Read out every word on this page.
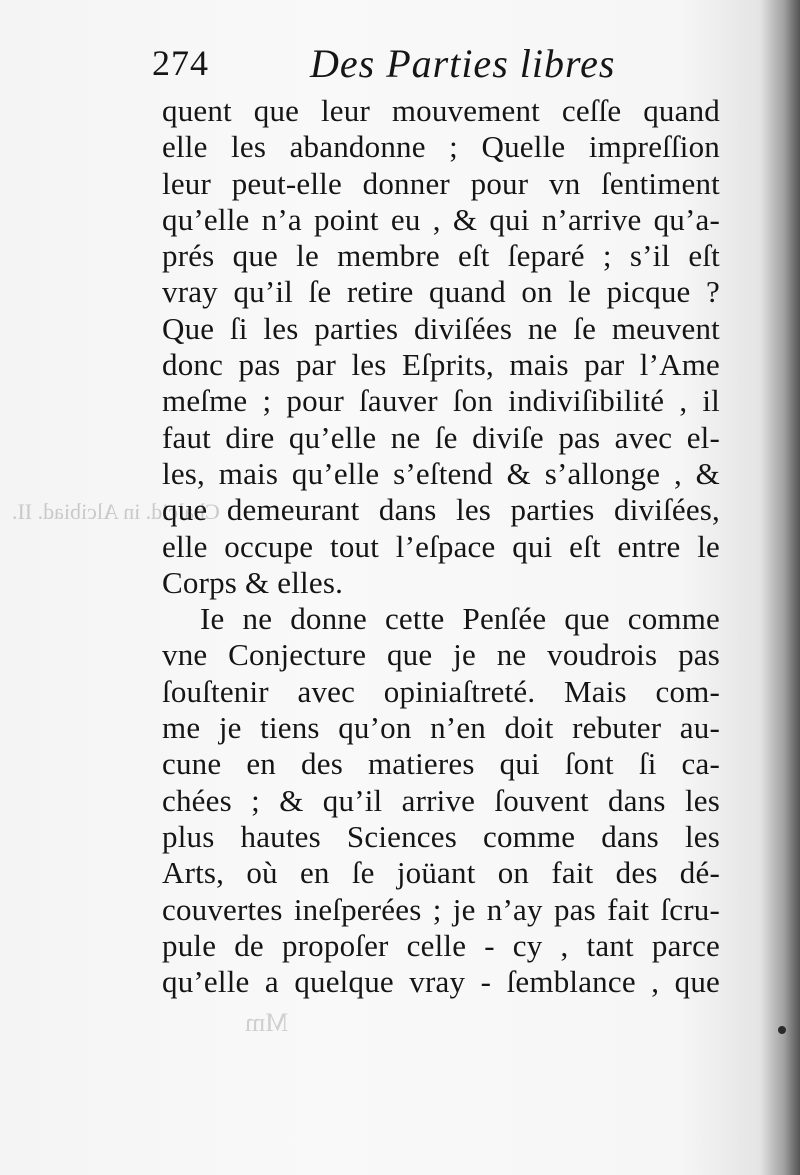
Chalcid. in Alcibiad. II.
Mm
274	Des Parties libres
quent que leur mouvement ceſſe quand
elle les abandonne ; Quelle impreſſion
leur peut-elle donner pour vn ſentiment
qu’elle n’a point eu , & qui n’arrive qu’a-
prés que le membre eſt ſeparé ; s’il eſt
vray qu’il ſe retire quand on le picque ?
Que ſi les parties diviſées ne ſe meuvent
donc pas par les Eſprits, mais par l’Ame
meſme ; pour ſauver ſon indiviſibilité , il
faut dire qu’elle ne ſe diviſe pas avec el-
les, mais qu’elle s’eſtend & s’allonge , &
que demeurant dans les parties diviſées,
elle occupe tout l’eſpace qui eſt entre le
Corps & elles.
Ie ne donne cette Penſée que comme
vne Conjecture que je ne voudrois pas
ſouſtenir avec opiniaſtreté. Mais com-
me je tiens qu’on n’en doit rebuter au-
cune en des matieres qui ſont ſi ca-
chées ; & qu’il arrive ſouvent dans les
plus hautes Sciences comme dans les
Arts, où en ſe joüant on fait des dé-
couvertes ineſperées ; je n’ay pas fait ſcru-
pule de propoſer celle - cy , tant parce
qu’elle a quelque vray - ſemblance , que
